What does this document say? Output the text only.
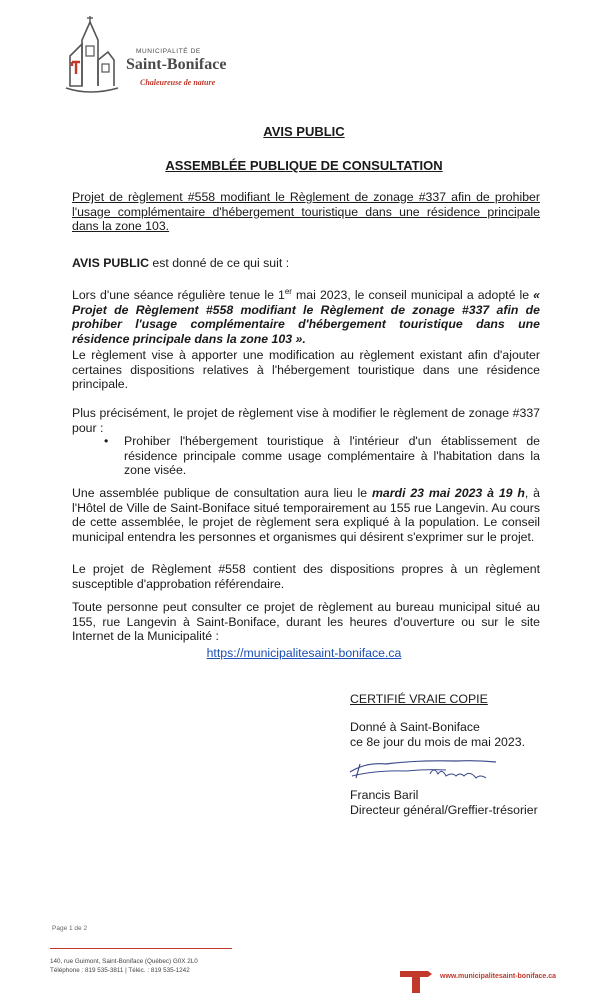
MUNICIPALITÉ DE
Saint-Boniface
Chaleureuse de nature
AVIS PUBLIC
ASSEMBLÉE PUBLIQUE DE CONSULTATION
Projet de règlement #558 modifiant le Règlement de zonage #337 afin de prohiber l'usage complémentaire d'hébergement touristique dans une résidence principale dans la zone 103.
AVIS PUBLIC est donné de ce qui suit :
Lors d'une séance régulière tenue le 1er mai 2023, le conseil municipal a adopté le « Projet de Règlement #558 modifiant le Règlement de zonage #337 afin de prohiber l'usage complémentaire d'hébergement touristique dans une résidence principale dans la zone 103 ».
Le règlement vise à apporter une modification au règlement existant afin d'ajouter certaines dispositions relatives à l'hébergement touristique dans une résidence principale.
Plus précisément, le projet de règlement vise à modifier le règlement de zonage #337 pour :
• Prohiber l'hébergement touristique à l'intérieur d'un établissement de résidence principale comme usage complémentaire à l'habitation dans la zone visée.
Une assemblée publique de consultation aura lieu le mardi 23 mai 2023 à 19 h, à l'Hôtel de Ville de Saint-Boniface situé temporairement au 155 rue Langevin. Au cours de cette assemblée, le projet de règlement sera expliqué à la population. Le conseil municipal entendra les personnes et organismes qui désirent s'exprimer sur le projet.
Le projet de Règlement #558 contient des dispositions propres à un règlement susceptible d'approbation référendaire.
Toute personne peut consulter ce projet de règlement au bureau municipal situé au 155, rue Langevin à Saint-Boniface, durant les heures d'ouverture ou sur le site Internet de la Municipalité :
https://municipalitesaint-boniface.ca
CERTIFIÉ VRAIE COPIE
Donné à Saint-Boniface
ce 8e jour du mois de mai 2023.
Francis Baril
Directeur général/Greffier-trésorier
Page 1 de 2
140, rue Guimont, Saint-Boniface (Québec) G0X 2L0
Téléphone : 819 535-3811 | Téléc. : 819 535-1242
www.municipalitesaint-boniface.ca
